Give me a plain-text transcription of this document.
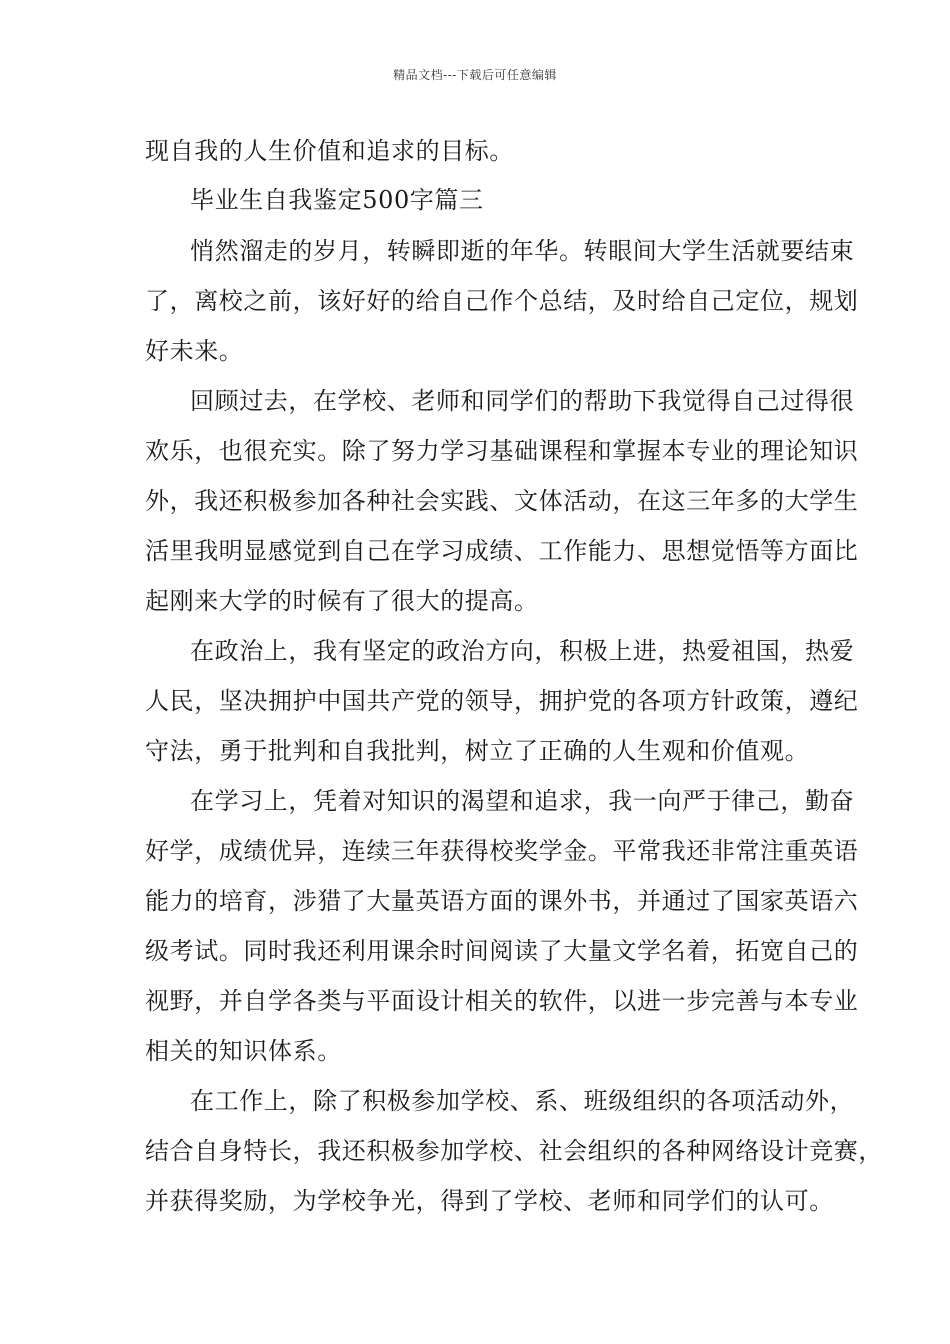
精品文档---下载后可任意编辑
现自我的人生价值和追求的目标。
毕业生自我鉴定500字篇三
悄然溜走的岁月，转瞬即逝的年华。转眼间大学生活就要结束
了，离校之前，该好好的给自己作个总结，及时给自己定位，规划
好未来。
回顾过去，在学校、老师和同学们的帮助下我觉得自己过得很
欢乐，也很充实。除了努力学习基础课程和掌握本专业的理论知识
外，我还积极参加各种社会实践、文体活动，在这三年多的大学生
活里我明显感觉到自己在学习成绩、工作能力、思想觉悟等方面比
起刚来大学的时候有了很大的提高。
在政治上，我有坚定的政治方向，积极上进，热爱祖国，热爱
人民，坚决拥护中国共产党的领导，拥护党的各项方针政策，遵纪
守法，勇于批判和自我批判，树立了正确的人生观和价值观。
在学习上，凭着对知识的渴望和追求，我一向严于律己，勤奋
好学，成绩优异，连续三年获得校奖学金。平常我还非常注重英语
能力的培育，涉猎了大量英语方面的课外书，并通过了国家英语六
级考试。同时我还利用课余时间阅读了大量文学名着，拓宽自己的
视野，并自学各类与平面设计相关的软件，以进一步完善与本专业
相关的知识体系。
在工作上，除了积极参加学校、系、班级组织的各项活动外，
结合自身特长，我还积极参加学校、社会组织的各种网络设计竞赛，
并获得奖励，为学校争光，得到了学校、老师和同学们的认可。
